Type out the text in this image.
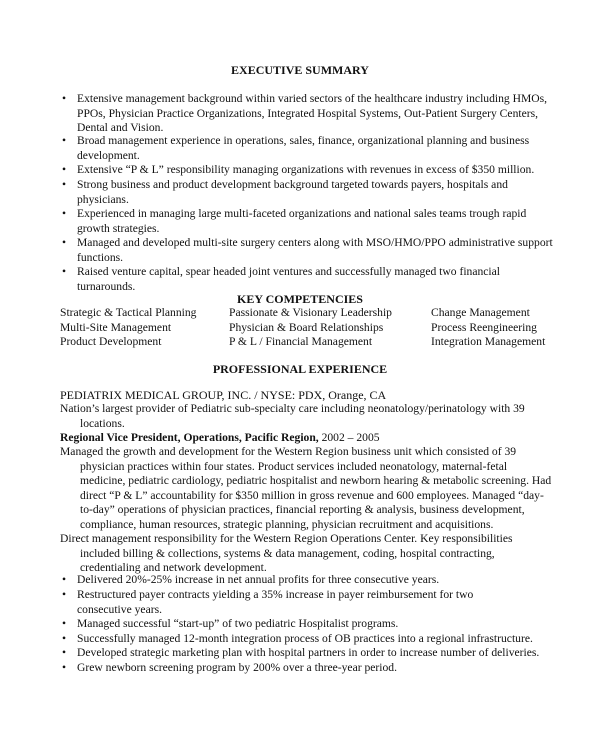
EXECUTIVE SUMMARY
• Extensive management background within varied sectors of the healthcare industry including HMOs,
PPOs, Physician Practice Organizations, Integrated Hospital Systems, Out-Patient Surgery Centers,
Dental and Vision.
• Broad management experience in operations, sales, finance, organizational planning and business
development.
• Extensive “P & L” responsibility managing organizations with revenues in excess of $350 million.
• Strong business and product development background targeted towards payers, hospitals and
physicians.
• Experienced in managing large multi-faceted organizations and national sales teams trough rapid
growth strategies.
• Managed and developed multi-site surgery centers along with MSO/HMO/PPO administrative support
functions.
• Raised venture capital, spear headed joint ventures and successfully managed two financial
turnarounds.
KEY COMPETENCIES
Strategic & Tactical Planning
Multi-Site Management
Product Development
Passionate & Visionary Leadership
Physician & Board Relationships
P & L / Financial Management
Change Management
Process Reengineering
Integration Management
PROFESSIONAL EXPERIENCE
PEDIATRIX MEDICAL GROUP, INC. / NYSE: PDX, Orange, CA
Nation’s largest provider of Pediatric sub-specialty care including neonatology/perinatology with 39
locations.
Regional Vice President, Operations, Pacific Region, 2002 – 2005
Managed the growth and development for the Western Region business unit which consisted of 39
physician practices within four states. Product services included neonatology, maternal-fetal
medicine, pediatric cardiology, pediatric hospitalist and newborn hearing & metabolic screening. Had
direct “P & L” accountability for $350 million in gross revenue and 600 employees. Managed “day-
to-day” operations of physician practices, financial reporting & analysis, business development,
compliance, human resources, strategic planning, physician recruitment and acquisitions.
Direct management responsibility for the Western Region Operations Center. Key responsibilities
included billing & collections, systems & data management, coding, hospital contracting,
credentialing and network development.
• Delivered 20%-25% increase in net annual profits for three consecutive years.
• Restructured payer contracts yielding a 35% increase in payer reimbursement for two
consecutive years.
• Managed successful “start-up” of two pediatric Hospitalist programs.
• Successfully managed 12-month integration process of OB practices into a regional infrastructure.
• Developed strategic marketing plan with hospital partners in order to increase number of deliveries.
• Grew newborn screening program by 200% over a three-year period.
